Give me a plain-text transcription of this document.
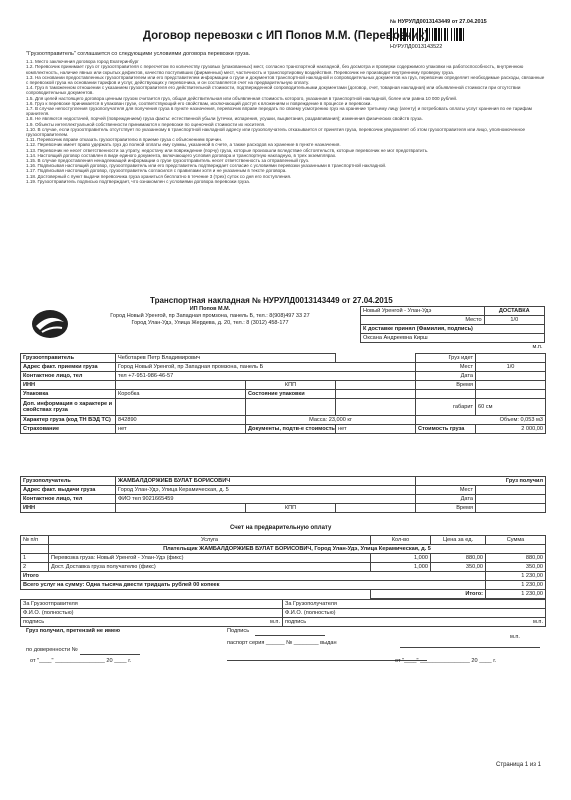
№ НУРУЛД0013143449 от 27.04.2015
НУРУЛД0013143522
Договор перевозки с ИП Попов М.М. (Перевозчик)

"Грузоотправитель" соглашается со следующими условиями договора перевозки груза.

1.1. Место заключения договора город Екатеринбург

1.2. Перевозчик принимает груз от грузоотправителя с пересчетом по количеству грузовых (упакованных) мест, согласно транспортной накладной, без досмотра и проверки содержимого упаковки на работоспособность, внутреннюю комплектность, наличие явных или скрытых дефектов, качество поступивших (фирменных) мест, частичность и транспортировку воздействия. Перевозчик не производит внутреннему проверку груза.

1.3. На основании предоставленных грузоотправителем или его представителем информации о грузе и документов транспортной накладной и сопроводительных документов на груз, перевозчик определяет необходимые расходы, связанные с перевозкой груза на основании тарифов и услуг, действующих у перевозчика, и он составляется счет на предварительную оплату.

1.4. Груз в таможенном отношении с указанием грузоотправителя его действительной стоимости, подтвержденной сопроводительными документами (договор, счет, товарная накладная) или объявленной стоимости при отсутствии сопроводительных документов.

1.5. Для целей настоящего договора ценным грузом считается груз, общая действительная или объявленная стоимость которого, указанная в транспортной накладной, более или равна 10 000 рублей.

1.6. Груз к перевозке принимается в упакован грузе, соответствующий его свойствам, исключающий доступ к вложениям и повреждение в процессе и перевозки.

1.7. В случае непоступления грузополучателя для получения груза в пункте назначения, перевозчик вправе передать по своему усмотрению груз на хранение третьему лицу (агенту) и потребовать оплаты услуг хранения по ее тарифам хранителя.

1.8. Не являются недостачей, порчей (повреждением) груза факты: естественной убыли (утечки, испарения, усушки, выцветания, раздавливания); изменения физических свойств груза.

1.9. Объекты интеллектуальной собственности принимаются к перевозке по оценочной стоимости их носителя.

1.10. В случае, если грузоотправитель отсутствует по указанному в транспортной накладной адресу или грузополучатель отказывается от принятия груза, перевозчик уведомляет об этом грузоотправителя или лицо, уполномоченное грузоотправителем.

1.11. Перевозчик вправе отказать грузоотправителю в приеме груза с объяснением причин.

1.12. Перевозчик имеет право удержать груз до полной оплаты ему суммы, указанной в счете, а также расходов на хранение в пункте назначения.

1.13. Перевозчик не несет ответственности за утрату, недостачу или повреждение (порчу) груза, которые произошли вследствие обстоятельств, которые перевозчик не мог предотвратить.

1.14. Настоящий договор составлен в виде единого документа, включающего условия договора и транспортную накладную, в трех экземплярах.

1.15. В случае предоставления ненадлежащей информации о грузе грузоотправитель несет ответственность за отправленный груз.

1.16. Подписывая настоящий договор, грузоотправитель или его представитель подтверждает согласие с условиями перевозки указанными в транспортной накладной.

1.17. Подписывая настоящий договор, грузоотправитель согласился с правилами хотя и не указанным в тексте договора.

1.18. Достоверный с пункт выдачи перевозчика груза храниться бесплатно в течение 3 (трех) суток со дня его поступления.

1.19. Грузоотправитель подписью подтверждает, что ознакомлен с условиями договора перевозки груза.

Транспортная накладная № НУРУЛД0013143449 от 27.04.2015
ИП Попов М.М.
Город Новый Уренгой, пр Западная промзона, панель Б, тел.: 8(908)497 33 27
Город Улан-Удэ, Улица Жердева, д. 20, тел.: 8 (3012) 458-177
Новый Уренгой - Улан-Удэ	ДОСТАВКА
Место	1/0
К доставке принял (Фамилия, подпись)	
Оксана Андреевна Кирш	
	м.п.
Грузоотправитель	Чеботарев Петр Владимирович			Груз идет	
Адрес факт. приемки груза	Город Новый Уренгой, пр Западная промзона, панель Б			Мест	1/0
Контактное лицо, тел	тел +7-951-986-46-57			Дата	
ИНН		КПП		Время	
Упаковка	Коробка	Состояние упаковки			
Доп. информация о характере и свойствах груза				габарит	60 см
Характер груза (код ТН ВЭД ТС)	842890	Масса: 23,000 кг		Объем: 0,053 м3	
Страхование	нет	Документы, подтв-е стоимость	нет	Стоимость груза	2 000,00
Грузополучатель	ЖАМБАЛДОРЖИЕВ БУЛАТ БОРИСОВИЧ			Груз получил	
Адрес факт. выдачи груза	Город Улан-Удэ, Улица Керамическая, д. 5			Мест	
Контактное лицо, тел	ФИО тел 9021665459			Дата	
ИНН		КПП		Время	
Счет на предварительную оплату
№ п/п	Услуга	Кол-во	Цена за ед.	Сумма
	Плательщик ЖАМБАЛДОРЖИЕВ БУЛАТ БОРИСОВИЧ, Город Улан-Удэ, Улица Керамическая, д. 5			
1	Перевозка груза: Новый Уренгой - Улан-Удэ (фикс)	1,000	880,00	880,00
2	Дост. Доставка груза получателю (фикс)	1,000	350,00	350,00
Итого				1 230,00
Всего услуг на сумму: Одна тысяча двести тридцать рублей 00 копеек				1 230,00
		Итого:		1 230,00
За Грузоотправителя	За Грузополучателя
Ф.И.О. (полностью)	Ф.И.О. (полностью)
подпись м.п.	подпись м.п.
Груз получил, претензий не имею
по доверенности №
от "____" ________________ 20 ____ г.
Подпись
паспорт серия ______ № ________ выдан
м.п.
от "____" ________________ 20 ____ г.
Страница 1 из 1
